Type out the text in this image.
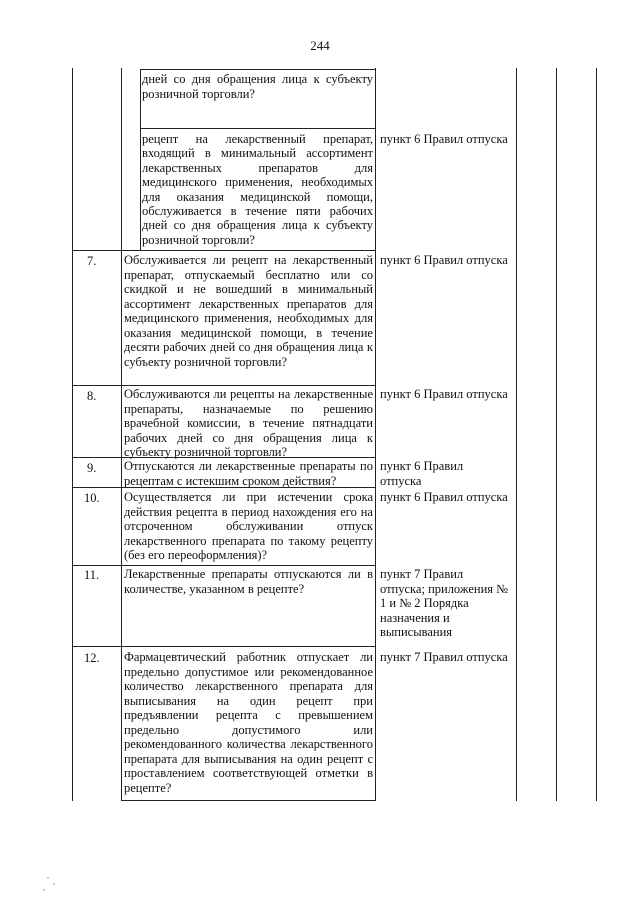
244
дней со дня обращения лица к субъекту розничной торговли?
рецепт на лекарственный препарат, входящий в минимальный ассортимент лекарственных препаратов для медицинского применения, необходимых для оказания медицинской помощи, обслуживается в течение пяти рабочих дней со дня обращения лица к субъекту розничной торговли?
пункт 6 Правил отпуска
7. Обслуживается ли рецепт на лекарственный препарат, отпускаемый бесплатно или со скидкой и не вошедший в минимальный ассортимент лекарственных препаратов для медицинского применения, необходимых для оказания медицинской помощи, в течение десяти рабочих дней со дня обращения лица к субъекту розничной торговли?
пункт 6 Правил отпуска
8. Обслуживаются ли рецепты на лекарственные препараты, назначаемые по решению врачебной комиссии, в течение пятнадцати рабочих дней со дня обращения лица к субъекту розничной торговли?
пункт 6 Правил отпуска
9. Отпускаются ли лекарственные препараты по рецептам с истекшим сроком действия?
пункт 6 Правил отпуска
10. Осуществляется ли при истечении срока действия рецепта в период нахождения его на отсроченном обслуживании отпуск лекарственного препарата по такому рецепту (без его переоформления)?
пункт 6 Правил отпуска
11. Лекарственные препараты отпускаются ли в количестве, указанном в рецепте?
пункт 7 Правил отпуска; приложения № 1 и № 2 Порядка назначения и выписывания
12. Фармацевтический работник отпускает ли предельно допустимое или рекомендованное количество лекарственного препарата для выписывания на один рецепт при предъявлении рецепта с превышением предельно допустимого или рекомендованного количества лекарственного препарата для выписывания на один рецепт с проставлением соответствующей отметки в рецепте?
пункт 7 Правил отпуска
